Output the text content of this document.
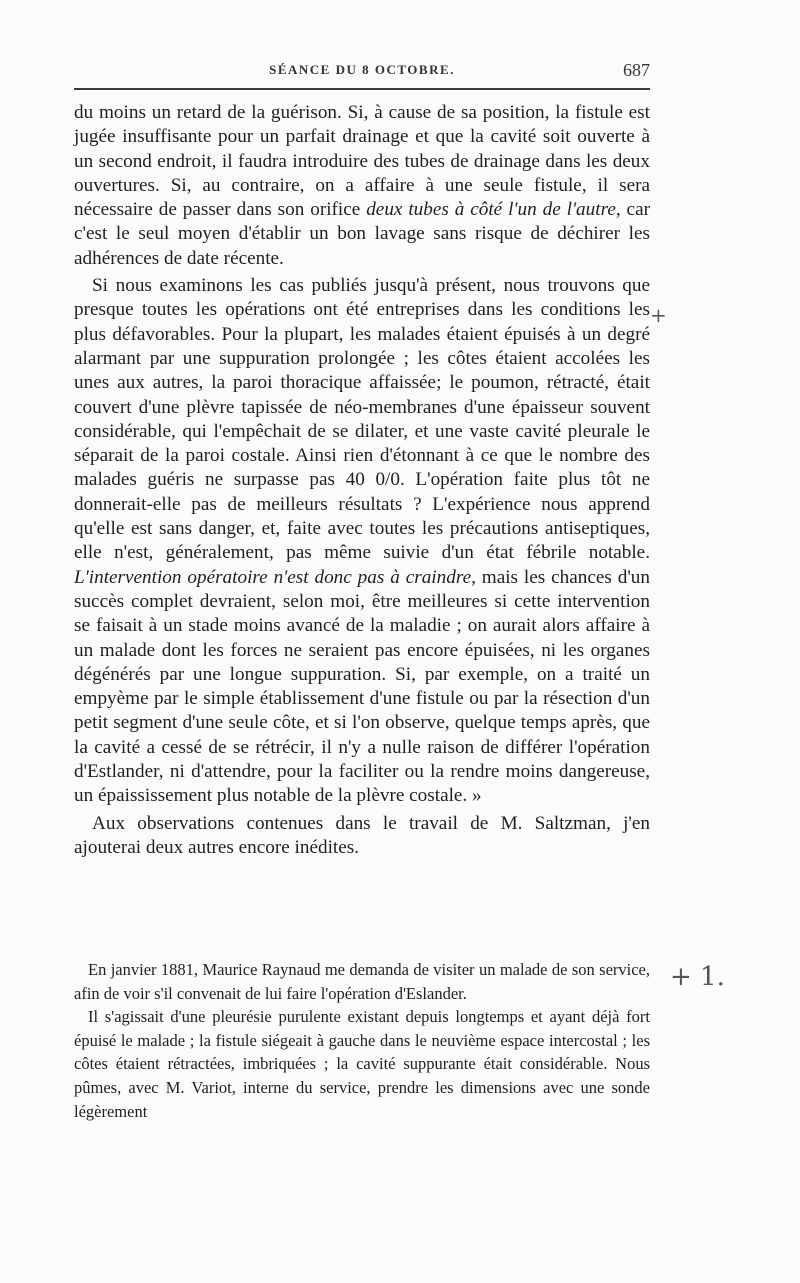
SÉANCE DU 8 OCTOBRE.	687

du moins un retard de la guérison. Si, à cause de sa position, la fistule est jugée insuffisante pour un parfait drainage et que la cavité soit ouverte à un second endroit, il faudra introduire des tubes de drainage dans les deux ouvertures. Si, au contraire, on a affaire à une seule fistule, il sera nécessaire de passer dans son orifice deux tubes à côté l'un de l'autre, car c'est le seul moyen d'établir un bon lavage sans risque de déchirer les adhérences de date récente.

Si nous examinons les cas publiés jusqu'à présent, nous trouvons que presque toutes les opérations ont été entreprises dans les conditions les plus défavorables. Pour la plupart, les malades étaient épuisés à un degré alarmant par une suppuration prolongée ; les côtes étaient accolées les unes aux autres, la paroi thoracique affaissée; le poumon, rétracté, était couvert d'une plèvre tapissée de néo-membranes d'une épaisseur souvent considérable, qui l'empêchait de se dilater, et une vaste cavité pleurale le séparait de la paroi costale. Ainsi rien d'étonnant à ce que le nombre des malades guéris ne surpasse pas 40 0/0. L'opération faite plus tôt ne donnerait-elle pas de meilleurs résultats ? L'expérience nous apprend qu'elle est sans danger, et, faite avec toutes les précautions antiseptiques, elle n'est, généralement, pas même suivie d'un état fébrile notable. L'intervention opératoire n'est donc pas à craindre, mais les chances d'un succès complet devraient, selon moi, être meilleures si cette intervention se faisait à un stade moins avancé de la maladie ; on aurait alors affaire à un malade dont les forces ne seraient pas encore épuisées, ni les organes dégénérés par une longue suppuration. Si, par exemple, on a traité un empyème par le simple établissement d'une fistule ou par la résection d'un petit segment d'une seule côte, et si l'on observe, quelque temps après, que la cavité a cessé de se rétrécir, il n'y a nulle raison de différer l'opération d'Estlander, ni d'attendre, pour la faciliter ou la rendre moins dangereuse, un épaississement plus notable de la plèvre costale. »

Aux observations contenues dans le travail de M. Saltzman, j'en ajouterai deux autres encore inédites.

En janvier 1881, Maurice Raynaud me demanda de visiter un malade de son service, afin de voir s'il convenait de lui faire l'opération d'Eslander.

Il s'agissait d'une pleurésie purulente existant depuis longtemps et ayant déjà fort épuisé le malade ; la fistule siégeait à gauche dans le neuvième espace intercostal ; les côtes étaient rétractées, imbriquées ; la cavité suppurante était considérable. Nous pûmes, avec M. Variot, interne du service, prendre les dimensions avec une sonde légèrement

+
+ 1.
